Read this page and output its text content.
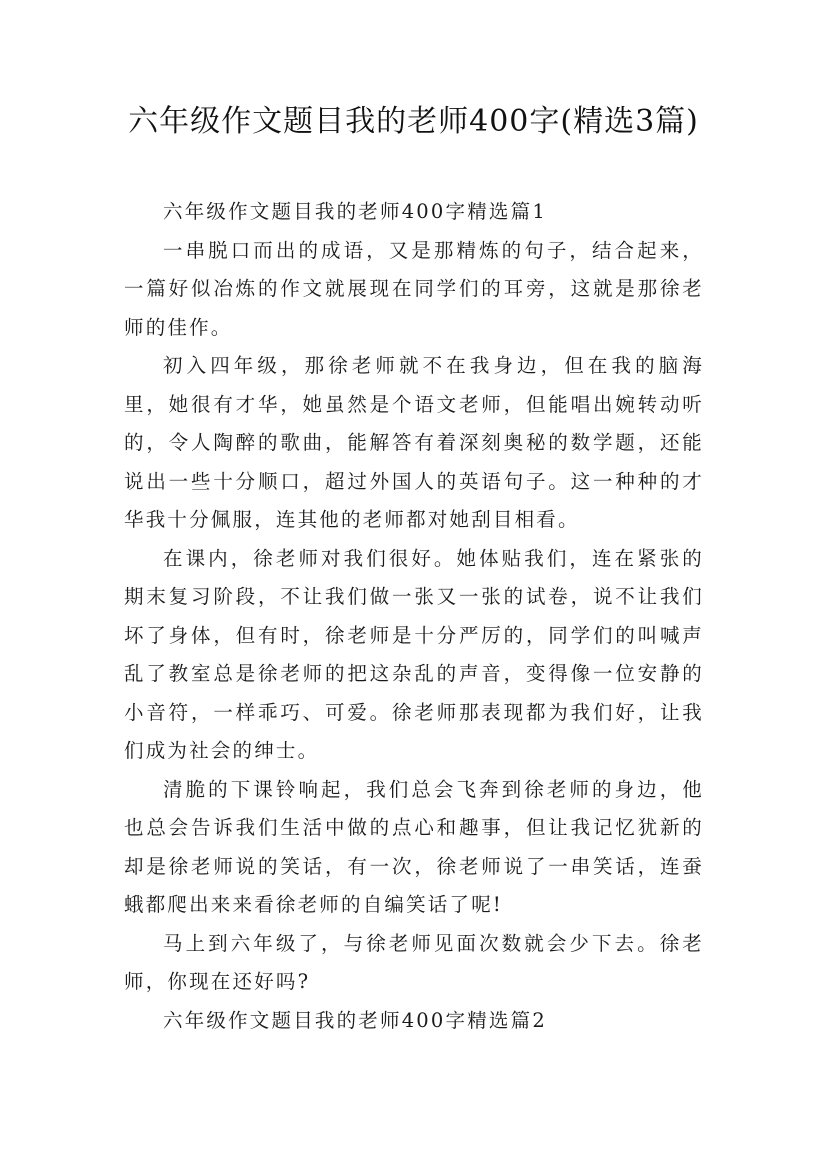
六年级作文题目我的老师400字(精选3篇)

六年级作文题目我的老师400字精选篇1

一串脱口而出的成语，又是那精炼的句子，结合起来，一篇好似冶炼的作文就展现在同学们的耳旁，这就是那徐老师的佳作。

初入四年级，那徐老师就不在我身边，但在我的脑海里，她很有才华，她虽然是个语文老师，但能唱出婉转动听的，令人陶醉的歌曲，能解答有着深刻奥秘的数学题，还能说出一些十分顺口，超过外国人的英语句子。这一种种的才华我十分佩服，连其他的老师都对她刮目相看。

在课内，徐老师对我们很好。她体贴我们，连在紧张的期末复习阶段，不让我们做一张又一张的试卷，说不让我们坏了身体，但有时，徐老师是十分严厉的，同学们的叫喊声乱了教室总是徐老师的把这杂乱的声音，变得像一位安静的小音符，一样乖巧、可爱。徐老师那表现都为我们好，让我们成为社会的绅士。

清脆的下课铃响起，我们总会飞奔到徐老师的身边，他也总会告诉我们生活中做的点心和趣事，但让我记忆犹新的却是徐老师说的笑话，有一次，徐老师说了一串笑话，连蚕蛾都爬出来来看徐老师的自编笑话了呢!

马上到六年级了，与徐老师见面次数就会少下去。徐老师，你现在还好吗?

六年级作文题目我的老师400字精选篇2
